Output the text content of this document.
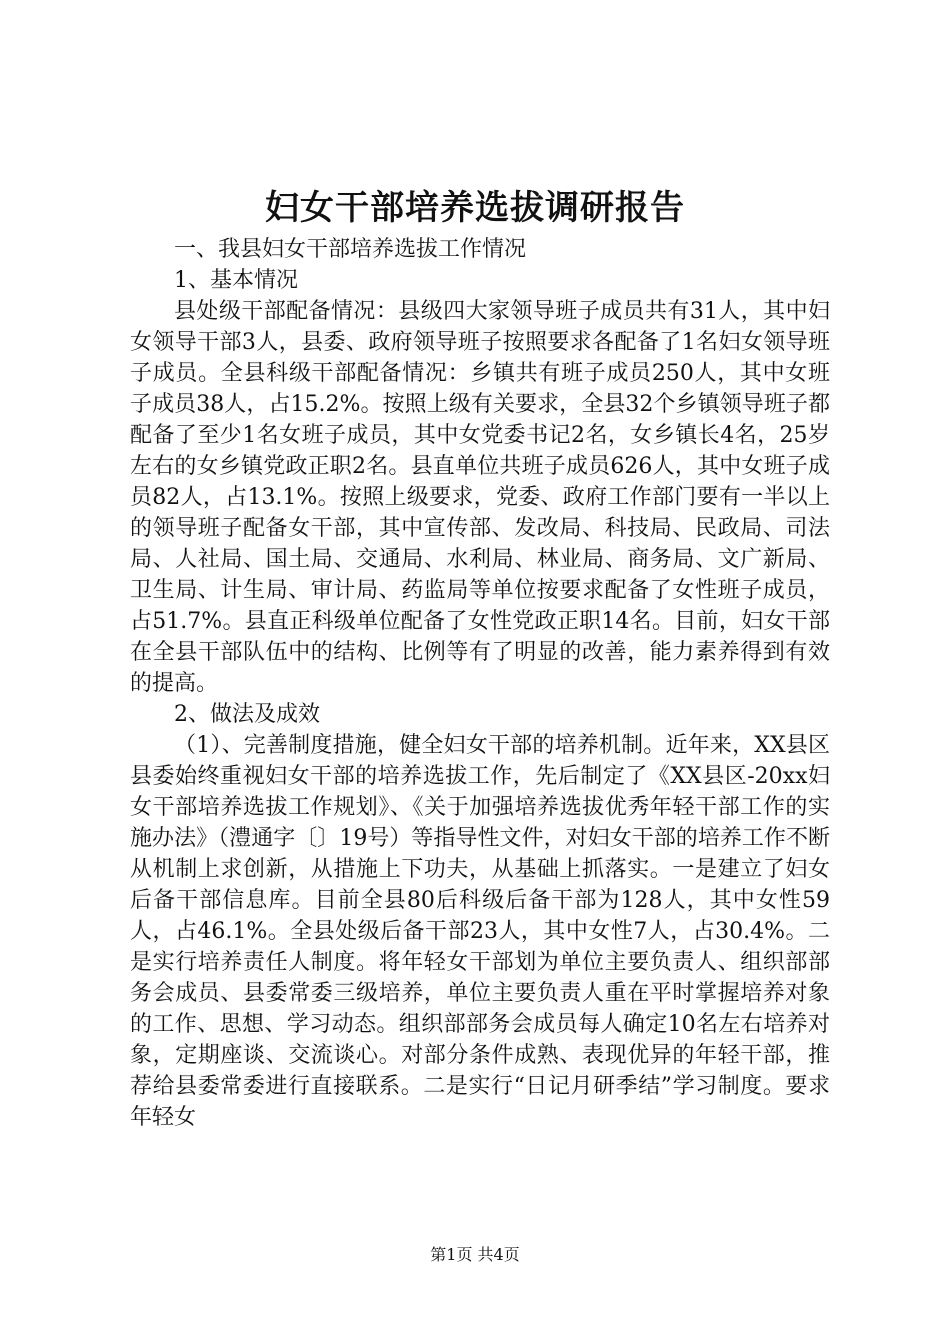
妇女干部培养选拔调研报告

一、我县妇女干部培养选拔工作情况

1、基本情况

县处级干部配备情况：县级四大家领导班子成员共有31人，其中妇女领导干部3人，县委、政府领导班子按照要求各配备了1名妇女领导班子成员。全县科级干部配备情况：乡镇共有班子成员250人，其中女班子成员38人，占15.2%。按照上级有关要求，全县32个乡镇领导班子都配备了至少1名女班子成员，其中女党委书记2名，女乡镇长4名，25岁左右的女乡镇党政正职2名。县直单位共班子成员626人，其中女班子成员82人，占13.1%。按照上级要求，党委、政府工作部门要有一半以上的领导班子配备女干部，其中宣传部、发改局、科技局、民政局、司法局、人社局、国土局、交通局、水利局、林业局、商务局、文广新局、卫生局、计生局、审计局、药监局等单位按要求配备了女性班子成员，占51.7%。县直正科级单位配备了女性党政正职14名。目前，妇女干部在全县干部队伍中的结构、比例等有了明显的改善，能力素养得到有效的提高。

2、做法及成效

（1）、完善制度措施，健全妇女干部的培养机制。近年来，XX县区县委始终重视妇女干部的培养选拔工作，先后制定了《XX县区-20xx妇女干部培养选拔工作规划》、《关于加强培养选拔优秀年轻干部工作的实施办法》（澧通字〔〕19号）等指导性文件，对妇女干部的培养工作不断从机制上求创新，从措施上下功夫，从基础上抓落实。一是建立了妇女后备干部信息库。目前全县80后科级后备干部为128人，其中女性59人，占46.1%。全县处级后备干部23人，其中女性7人，占30.4%。二是实行培养责任人制度。将年轻女干部划为单位主要负责人、组织部部务会成员、县委常委三级培养，单位主要负责人重在平时掌握培养对象的工作、思想、学习动态。组织部部务会成员每人确定10名左右培养对象，定期座谈、交流谈心。对部分条件成熟、表现优异的年轻干部，推荐给县委常委进行直接联系。二是实行“日记月研季结”学习制度。要求年轻女

第1页 共4页
